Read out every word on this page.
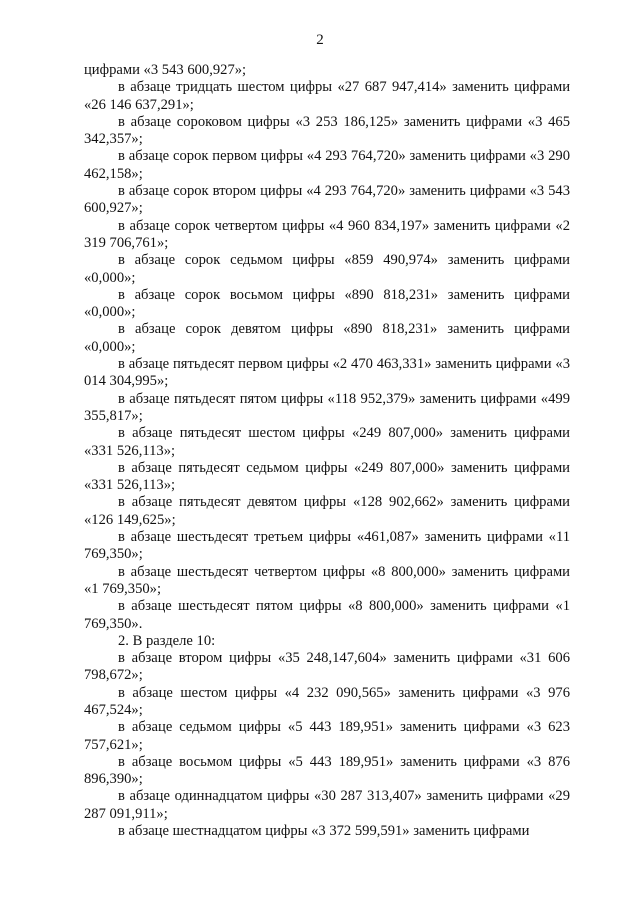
2

цифрами «3 543 600,927»;

в абзаце тридцать шестом цифры «27 687 947,414» заменить цифрами «26 146 637,291»;

в абзаце сороковом цифры «3 253 186,125» заменить цифрами «3 465 342,357»;

в абзаце сорок первом цифры «4 293 764,720» заменить цифрами «3 290 462,158»;

в абзаце сорок втором цифры «4 293 764,720» заменить цифрами «3 543 600,927»;

в абзаце сорок четвертом цифры «4 960 834,197» заменить цифрами «2 319 706,761»;

в абзаце сорок седьмом цифры «859 490,974» заменить цифрами «0,000»;

в абзаце сорок восьмом цифры «890 818,231» заменить цифрами «0,000»;

в абзаце сорок девятом цифры «890 818,231» заменить цифрами «0,000»;

в абзаце пятьдесят первом цифры «2 470 463,331» заменить цифрами «3 014 304,995»;

в абзаце пятьдесят пятом цифры «118 952,379» заменить цифрами «499 355,817»;

в абзаце пятьдесят шестом цифры «249 807,000» заменить цифрами «331 526,113»;

в абзаце пятьдесят седьмом цифры «249 807,000» заменить цифрами «331 526,113»;

в абзаце пятьдесят девятом цифры «128 902,662» заменить цифрами «126 149,625»;

в абзаце шестьдесят третьем цифры «461,087» заменить цифрами «11 769,350»;

в абзаце шестьдесят четвертом цифры «8 800,000» заменить цифрами «1 769,350»;

в абзаце шестьдесят пятом цифры «8 800,000» заменить цифрами «1 769,350».

2. В разделе 10:

в абзаце втором цифры «35 248,147,604» заменить цифрами «31 606 798,672»;

в абзаце шестом цифры «4 232 090,565» заменить цифрами «3 976 467,524»;

в абзаце седьмом цифры «5 443 189,951» заменить цифрами «3 623 757,621»;

в абзаце восьмом цифры «5 443 189,951» заменить цифрами «3 876 896,390»;

в абзаце одиннадцатом цифры «30 287 313,407» заменить цифрами «29 287 091,911»;

в абзаце шестнадцатом цифры «3 372 599,591» заменить цифрами
